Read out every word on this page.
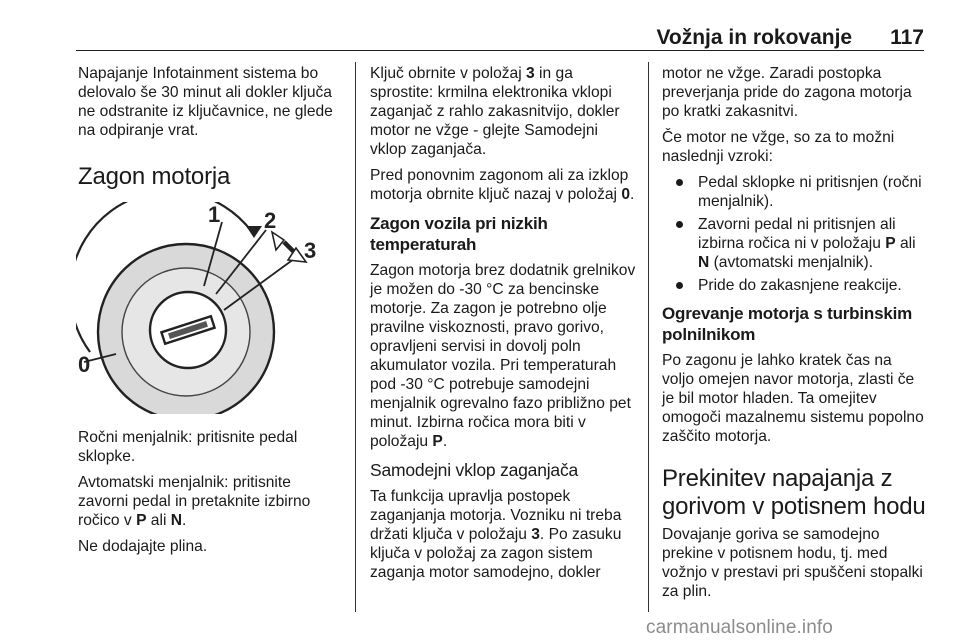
Vožnja in rokovanje 117

Napajanje Infotainment sistema bo delovalo še 30 minut ali dokler ključa ne odstranite iz ključavnice, ne glede na odpiranje vrat.

Zagon motorja
0
1 2
3

Ročni menjalnik: pritisnite pedal sklopke.

Avtomatski menjalnik: pritisnite zavorni pedal in pretaknite izbirno ročico v P ali N.

Ne dodajajte plina.

Ključ obrnite v položaj 3 in ga sprostite: krmilna elektronika vklopi zaganjač z rahlo zakasnitvijo, dokler motor ne vžge - glejte Samodejni vklop zaganjača.

Pred ponovnim zagonom ali za izklop motorja obrnite ključ nazaj v položaj 0.

Zagon vozila pri nizkih temperaturah

Zagon motorja brez dodatnik grelnikov je možen do -30 °C za bencinske motorje. Za zagon je potrebno olje pravilne viskoznosti, pravo gorivo, opravljeni servisi in dovolj poln akumulator vozila. Pri temperaturah pod -30 °C potrebuje samodejni menjalnik ogrevalno fazo približno pet minut. Izbirna ročica mora biti v položaju P.

Samodejni vklop zaganjača

Ta funkcija upravlja postopek zaganjanja motorja. Vozniku ni treba držati ključa v položaju 3. Po zasuku ključa v položaj za zagon sistem zaganja motor samodejno, dokler

motor ne vžge. Zaradi postopka preverjanja pride do zagona motorja po kratki zakasnitvi.

Če motor ne vžge, so za to možni naslednji vzroki:

Pedal sklopke ni pritisnjen (ročni menjalnik).
Zavorni pedal ni pritisnjen ali izbirna ročica ni v položaju P ali N (avtomatski menjalnik).
Pride do zakasnjene reakcije.
Ogrevanje motorja s turbinskim polnilnikom

Po zagonu je lahko kratek čas na voljo omejen navor motorja, zlasti če je bil motor hladen. Ta omejitev omogoči mazalnemu sistemu popolno zaščito motorja.

Prekinitev napajanja z gorivom v potisnem hodu

Dovajanje goriva se samodejno prekine v potisnem hodu, tj. med vožnjo v prestavi pri spuščeni stopalki za plin.

carmanualsonline.info
